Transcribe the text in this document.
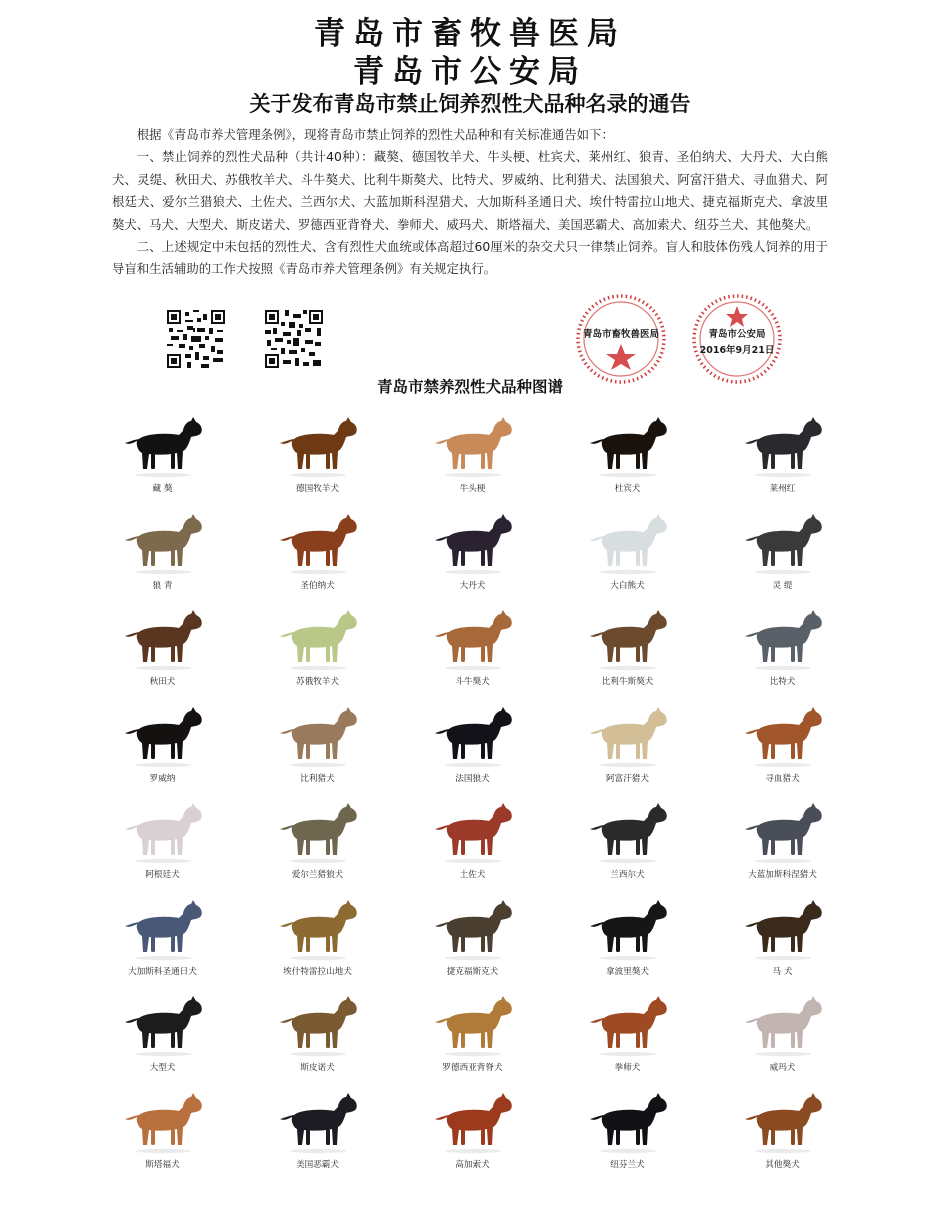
青岛市畜牧兽医局
青岛市公安局
关于发布青岛市禁止饲养烈性犬品种名录的通告

根据《青岛市养犬管理条例》，现将青岛市禁止饲养的烈性犬品种和有关标准通告如下：

一、禁止饲养的烈性犬品种（共计40种）：藏獒、德国牧羊犬、牛头梗、杜宾犬、莱州红、狼青、圣伯纳犬、大丹犬、大白熊犬、灵缇、秋田犬、苏俄牧羊犬、斗牛獒犬、比利牛斯獒犬、比特犬、罗威纳、比利猎犬、法国狼犬、阿富汗猎犬、寻血猎犬、阿根廷犬、爱尔兰猎狼犬、土佐犬、兰西尔犬、大蓝加斯科涅猎犬、大加斯科圣通日犬、埃什特雷拉山地犬、捷克福斯克犬、拿波里獒犬、马犬、大型犬、斯皮诺犬、罗德西亚背脊犬、拳师犬、威玛犬、斯塔福犬、美国恶霸犬、高加索犬、纽芬兰犬、其他獒犬。

二、上述规定中未包括的烈性犬、含有烈性犬血统或体高超过60厘米的杂交犬只一律禁止饲养。盲人和肢体伤残人饲养的用于导盲和生活辅助的工作犬按照《青岛市养犬管理条例》有关规定执行。

青岛市畜牧兽医局	青岛市公安局
2016年9月21日
青岛市禁养烈性犬品种图谱
藏 獒	德国牧羊犬	牛头梗	杜宾犬	莱州红
狼 青	圣伯纳犬	大丹犬	大白熊犬	灵 缇
秋田犬	苏俄牧羊犬	斗牛獒犬	比利牛斯獒犬	比特犬
罗威纳	比利猎犬	法国狼犬	阿富汗猎犬	寻血猎犬
阿根廷犬	爱尔兰猎狼犬	土佐犬	兰西尔犬	大蓝加斯科涅猎犬
大加斯科圣通日犬	埃什特雷拉山地犬	捷克福斯克犬	拿波里獒犬	马 犬
大型犬	斯皮诺犬	罗德西亚背脊犬	拳师犬	威玛犬
斯塔福犬	美国恶霸犬	高加索犬	纽芬兰犬	其他獒犬
